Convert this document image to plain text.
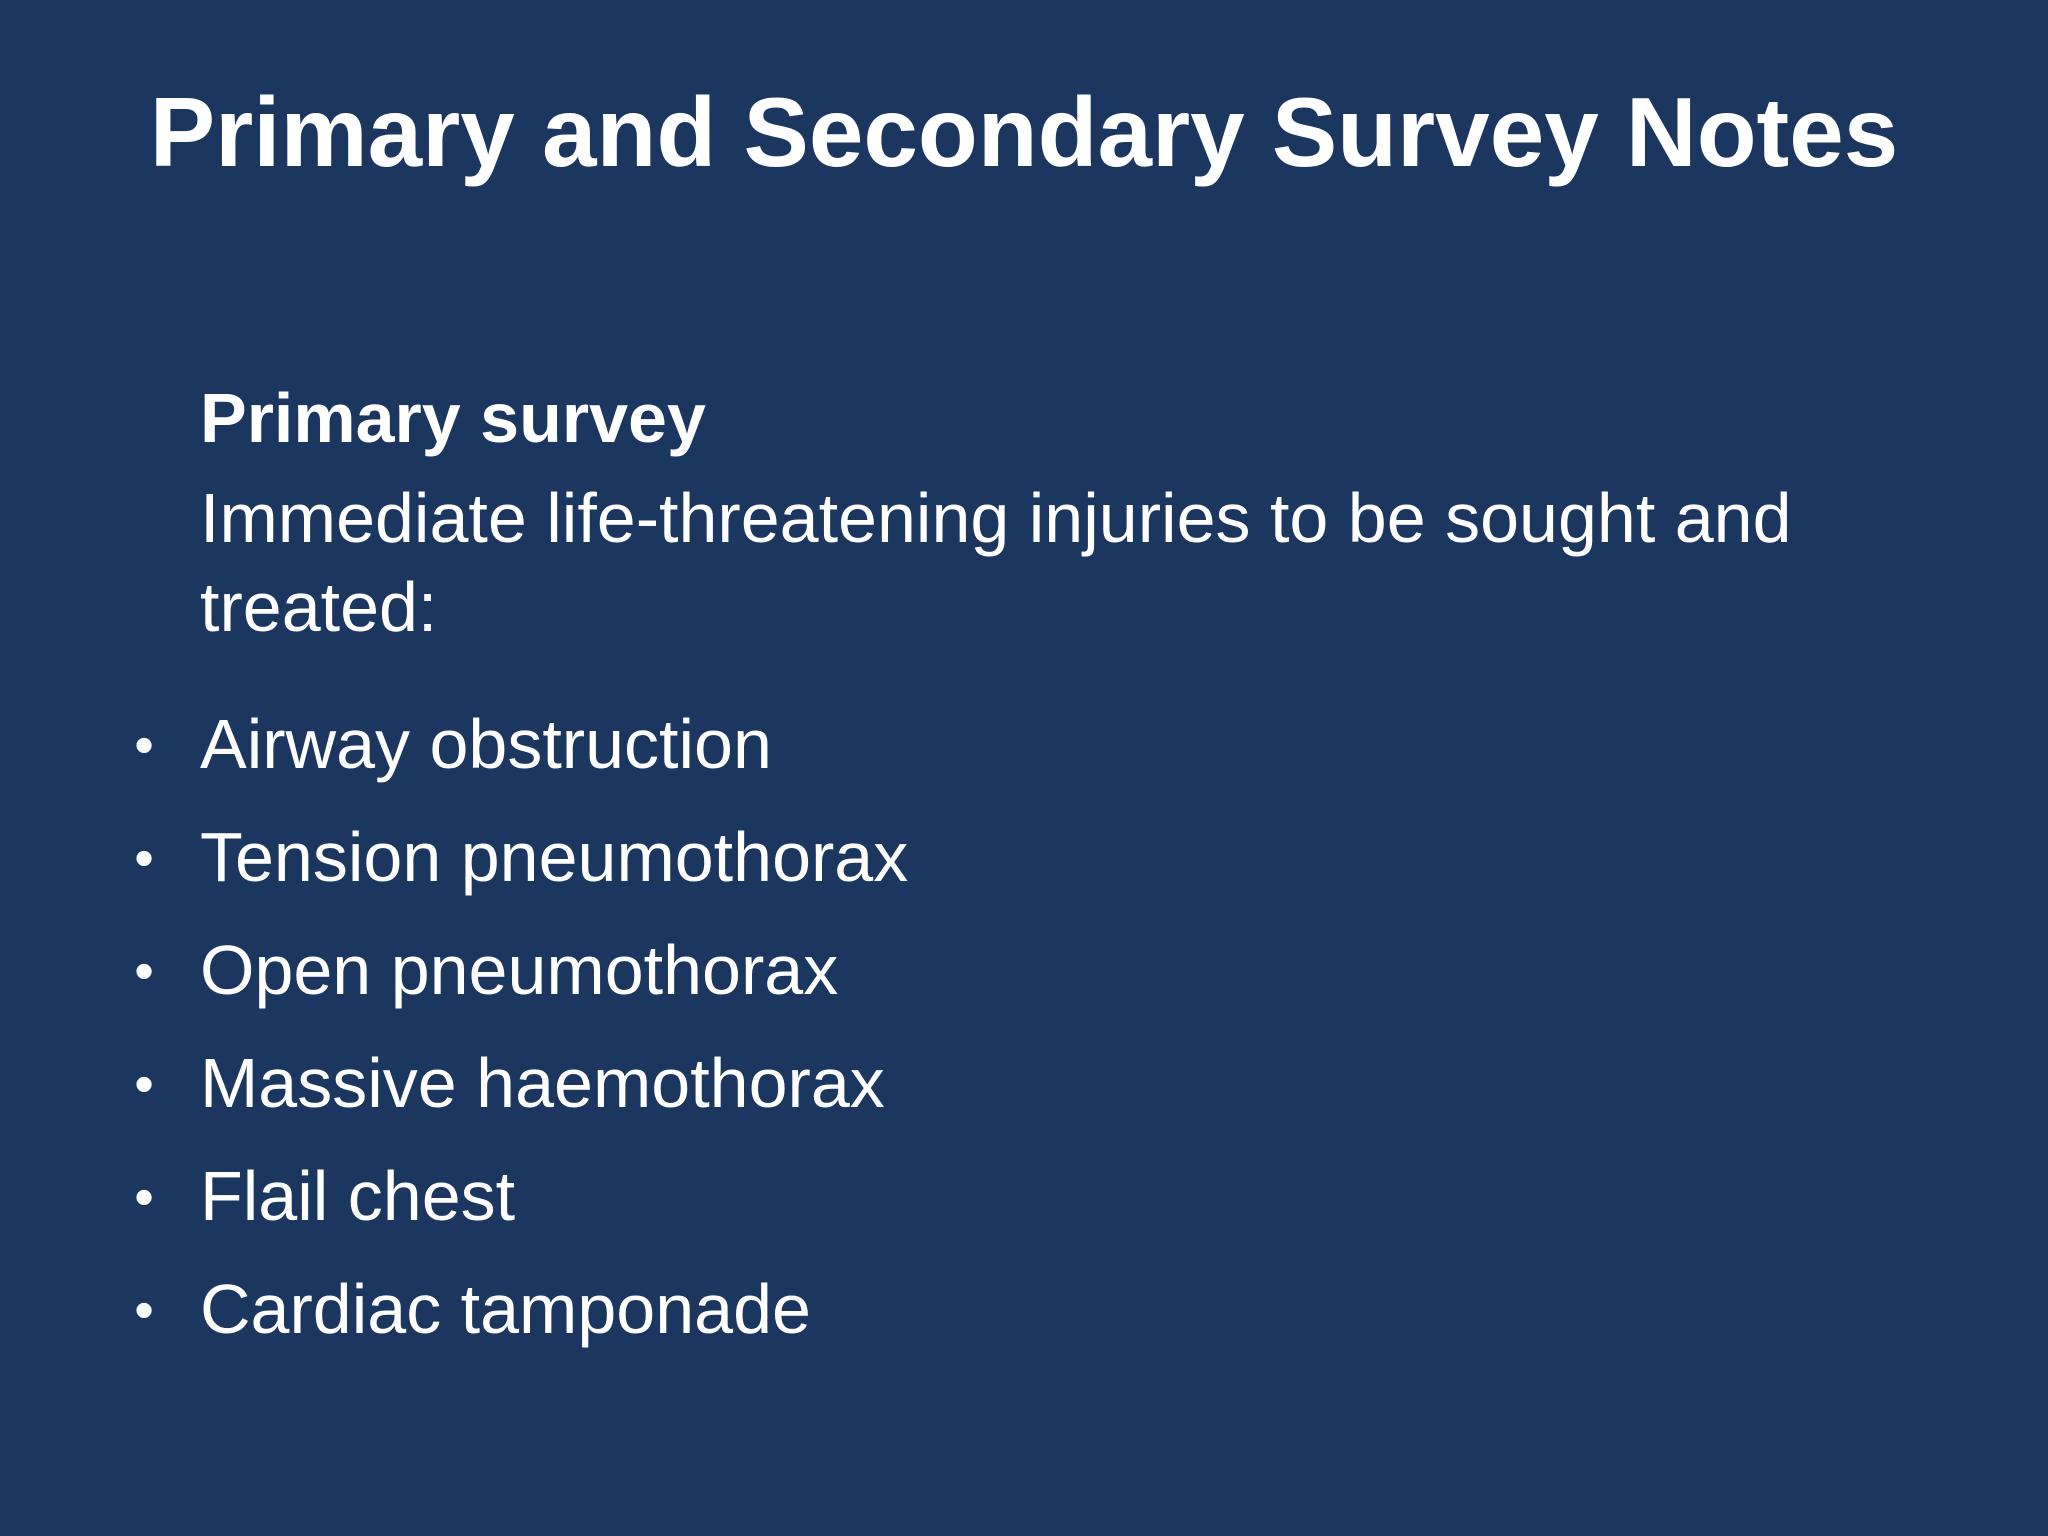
Primary and Secondary Survey Notes
Primary survey

Immediate life-threatening injuries to be sought and treated:

• Airway obstruction
• Tension pneumothorax
• Open pneumothorax
• Massive haemothorax
• Flail chest
• Cardiac tamponade
